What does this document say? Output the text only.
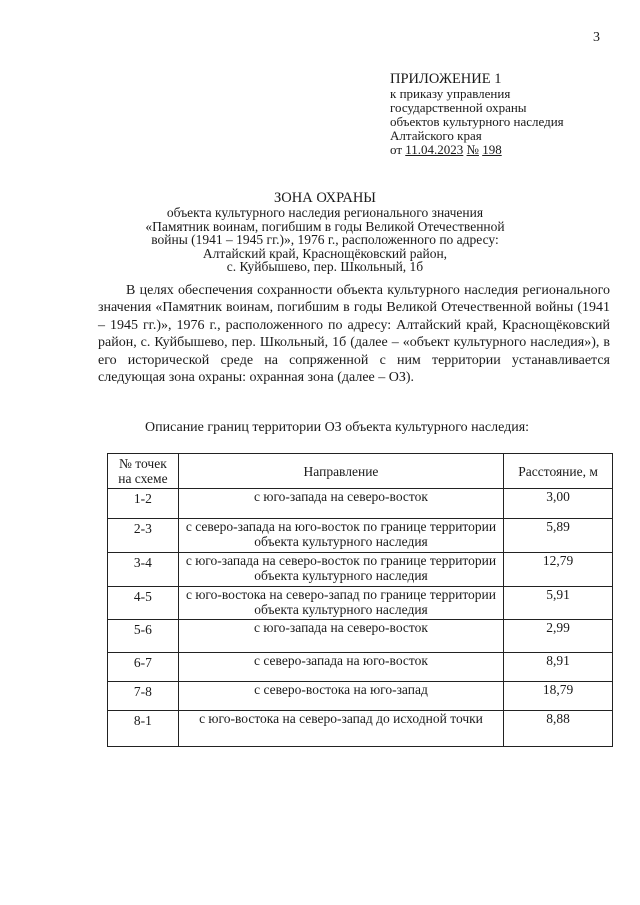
3
ПРИЛОЖЕНИЕ 1
к приказу управления
государственной охраны
объектов культурного наследия
Алтайского края
от 11.04.2023 № 198
ЗОНА ОХРАНЫ
объекта культурного наследия регионального значения
«Памятник воинам, погибшим в годы Великой Отечественной
войны (1941 – 1945 гг.)», 1976 г., расположенного по адресу:
Алтайский край, Краснощёковский район,
с. Куйбышево, пер. Школьный, 1б

В целях обеспечения сохранности объекта культурного наследия регионального значения «Памятник воинам, погибшим в годы Великой Отечественной войны (1941 – 1945 гг.)», 1976 г., расположенного по адресу: Алтайский край, Краснощёковский район, с. Куйбышево, пер. Школьный, 1б (далее – «объект культурного наследия»), в его исторической среде на сопряженной с ним территории устанавливается следующая зона охраны: охранная зона (далее – ОЗ).

Описание границ территории ОЗ объекта культурного наследия:
№ точек на схеме	Направление	Расстояние, м
1-2	с юго-запада на северо-восток	3,00
2-3	с северо-запада на юго-восток по границе территории объекта культурного наследия	5,89
3-4	с юго-запада на северо-восток по границе территории объекта культурного наследия	12,79
4-5	с юго-востока на северо-запад по границе территории объекта культурного наследия	5,91
5-6	с юго-запада на северо-восток	2,99
6-7	с северо-запада на юго-восток	8,91
7-8	с северо-востока на юго-запад	18,79
8-1	с юго-востока на северо-запад до исходной точки	8,88
